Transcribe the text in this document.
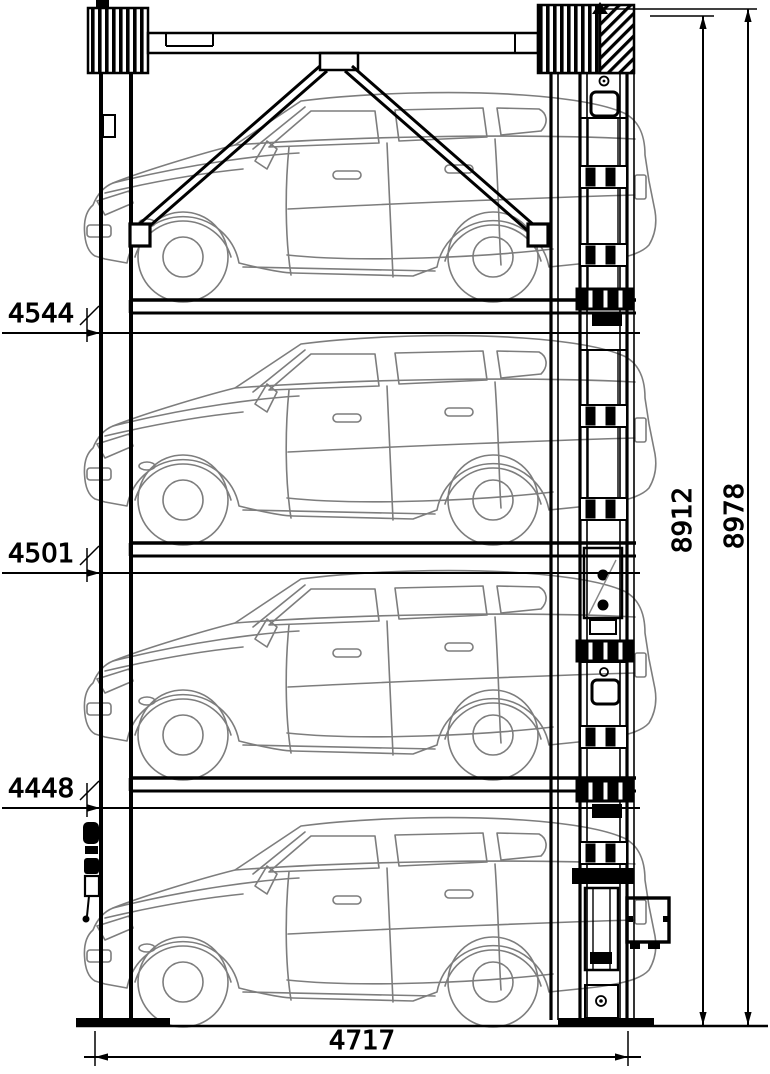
4544
4501
4448
8912 8978
4717
